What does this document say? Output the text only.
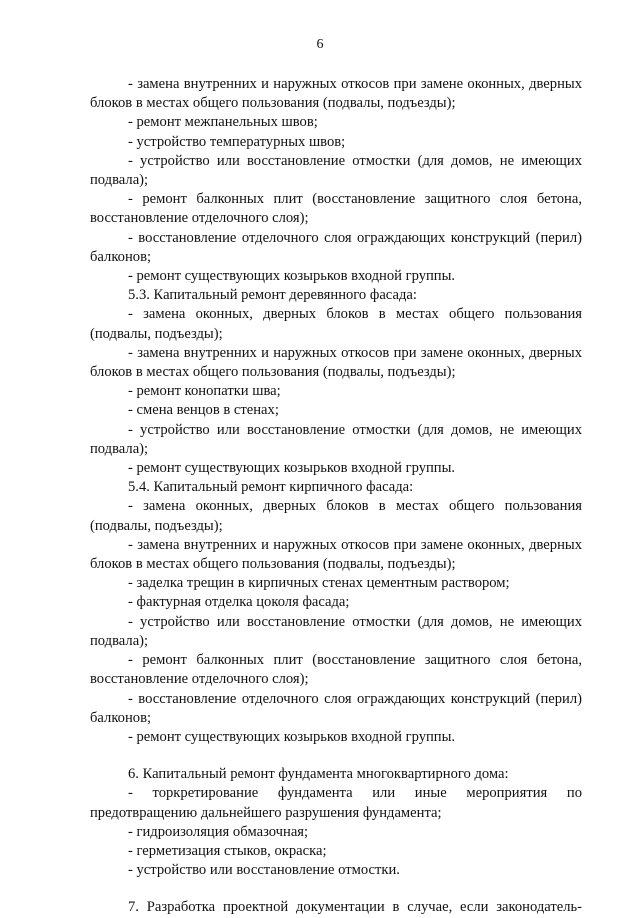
6

- замена внутренних и наружных откосов при замене оконных, дверных блоков в местах общего пользования (подвалы, подъезды);

- ремонт межпанельных швов;

- устройство температурных швов;

- устройство или восстановление отмостки (для домов, не имеющих подвала);

- ремонт балконных плит (восстановление защитного слоя бетона, восстановление отделочного слоя);

- восстановление отделочного слоя ограждающих конструкций (перил) балконов;

- ремонт существующих козырьков входной группы.

5.3. Капитальный ремонт деревянного фасада:

- замена оконных, дверных блоков в местах общего пользования (подвалы, подъезды);

- замена внутренних и наружных откосов при замене оконных, дверных блоков в местах общего пользования (подвалы, подъезды);

- ремонт конопатки шва;

- смена венцов в стенах;

- устройство или восстановление отмостки (для домов, не имеющих подвала);

- ремонт существующих козырьков входной группы.

5.4. Капитальный ремонт кирпичного фасада:

- замена оконных, дверных блоков в местах общего пользования (подвалы, подъезды);

- замена внутренних и наружных откосов при замене оконных, дверных блоков в местах общего пользования (подвалы, подъезды);

- заделка трещин в кирпичных стенах цементным раствором;

- фактурная отделка цоколя фасада;

- устройство или восстановление отмостки (для домов, не имеющих подвала);

- ремонт балконных плит (восстановление защитного слоя бетона, восстановление отделочного слоя);

- восстановление отделочного слоя ограждающих конструкций (перил) балконов;

- ремонт существующих козырьков входной группы.

6. Капитальный ремонт фундамента многоквартирного дома:

- торкретирование фундамента или иные мероприятия по предотвращению дальнейшего разрушения фундамента;

- гидроизоляция обмазочная;

- герметизация стыков, окраска;

- устройство или восстановление отмостки.

7. Разработка проектной документации в случае, если законодатель-
